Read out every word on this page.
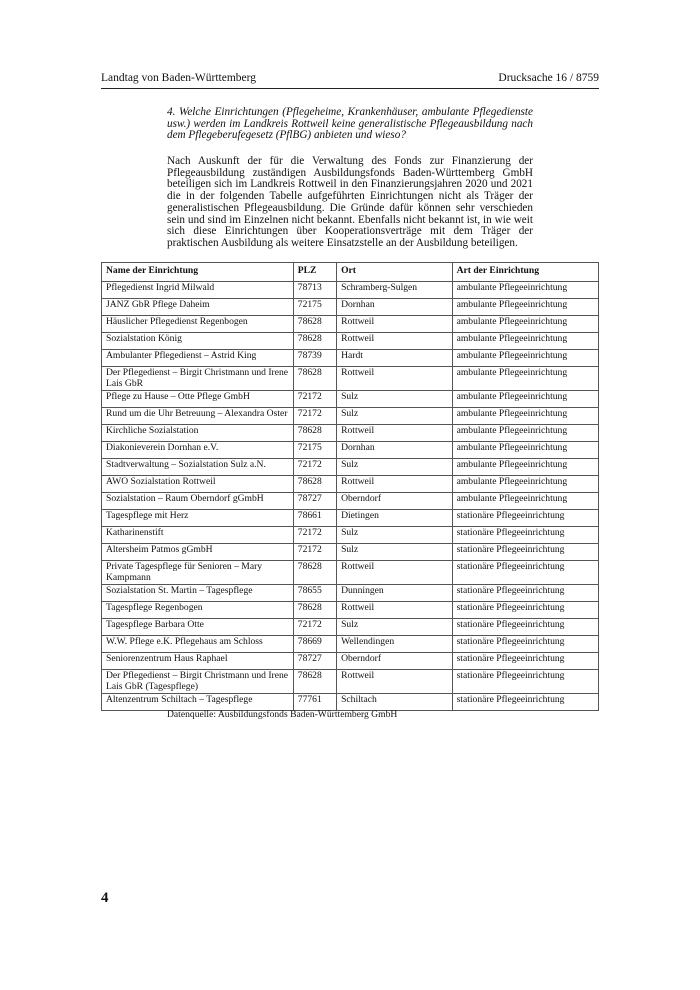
Landtag von Baden-Württemberg	Drucksache 16 / 8759
4. Welche Einrichtungen (Pflegeheime, Krankenhäuser, ambulante Pflegedienste usw.) werden im Landkreis Rottweil keine generalistische Pflegeausbildung nach dem Pflegeberufegesetz (PflBG) anbieten und wieso?
Nach Auskunft der für die Verwaltung des Fonds zur Finanzierung der Pflegeausbildung zuständigen Ausbildungsfonds Baden-Württemberg GmbH beteiligen sich im Landkreis Rottweil in den Finanzierungsjahren 2020 und 2021 die in der folgenden Tabelle aufgeführten Einrichtungen nicht als Träger der generalistischen Pflegeausbildung. Die Gründe dafür können sehr verschieden sein und sind im Einzelnen nicht bekannt. Ebenfalls nicht bekannt ist, in wie weit sich diese Einrichtungen über Kooperationsverträge mit dem Träger der praktischen Ausbildung als weitere Einsatzstelle an der Ausbildung beteiligen.
Name der Einrichtung	PLZ	Ort	Art der Einrichtung
Pflegedienst Ingrid Milwald	78713	Schramberg-Sulgen	ambulante Pflegeeinrichtung
JANZ GbR Pflege Daheim	72175	Dornhan	ambulante Pflegeeinrichtung
Häuslicher Pflegedienst Regenbogen	78628	Rottweil	ambulante Pflegeeinrichtung
Sozialstation König	78628	Rottweil	ambulante Pflegeeinrichtung
Ambulanter Pflegedienst – Astrid King	78739	Hardt	ambulante Pflegeeinrichtung
Der Pflegedienst – Birgit Christmann und Irene Lais GbR	78628	Rottweil	ambulante Pflegeeinrichtung
Pflege zu Hause – Otte Pflege GmbH	72172	Sulz	ambulante Pflegeeinrichtung
Rund um die Uhr Betreuung – Alexandra Oster	72172	Sulz	ambulante Pflegeeinrichtung
Kirchliche Sozialstation	78628	Rottweil	ambulante Pflegeeinrichtung
Diakonieverein Dornhan e.V.	72175	Dornhan	ambulante Pflegeeinrichtung
Stadtverwaltung – Sozialstation Sulz a.N.	72172	Sulz	ambulante Pflegeeinrichtung
AWO Sozialstation Rottweil	78628	Rottweil	ambulante Pflegeeinrichtung
Sozialstation – Raum Oberndorf gGmbH	78727	Oberndorf	ambulante Pflegeeinrichtung
Tagespflege mit Herz	78661	Dietingen	stationäre Pflegeeinrichtung
Katharinenstift	72172	Sulz	stationäre Pflegeeinrichtung
Altersheim Patmos gGmbH	72172	Sulz	stationäre Pflegeeinrichtung
Private Tagespflege für Senioren – Mary Kampmann	78628	Rottweil	stationäre Pflegeeinrichtung
Sozialstation St. Martin – Tagespflege	78655	Dunningen	stationäre Pflegeeinrichtung
Tagespflege Regenbogen	78628	Rottweil	stationäre Pflegeeinrichtung
Tagespflege Barbara Otte	72172	Sulz	stationäre Pflegeeinrichtung
W.W. Pflege e.K. Pflegehaus am Schloss	78669	Wellendingen	stationäre Pflegeeinrichtung
Seniorenzentrum Haus Raphael	78727	Oberndorf	stationäre Pflegeeinrichtung
Der Pflegedienst – Birgit Christmann und Irene Lais GbR (Tagespflege)	78628	Rottweil	stationäre Pflegeeinrichtung
Altenzentrum Schiltach – Tagespflege	77761	Schiltach	stationäre Pflegeeinrichtung
Datenquelle: Ausbildungsfonds Baden-Württemberg GmbH
4
